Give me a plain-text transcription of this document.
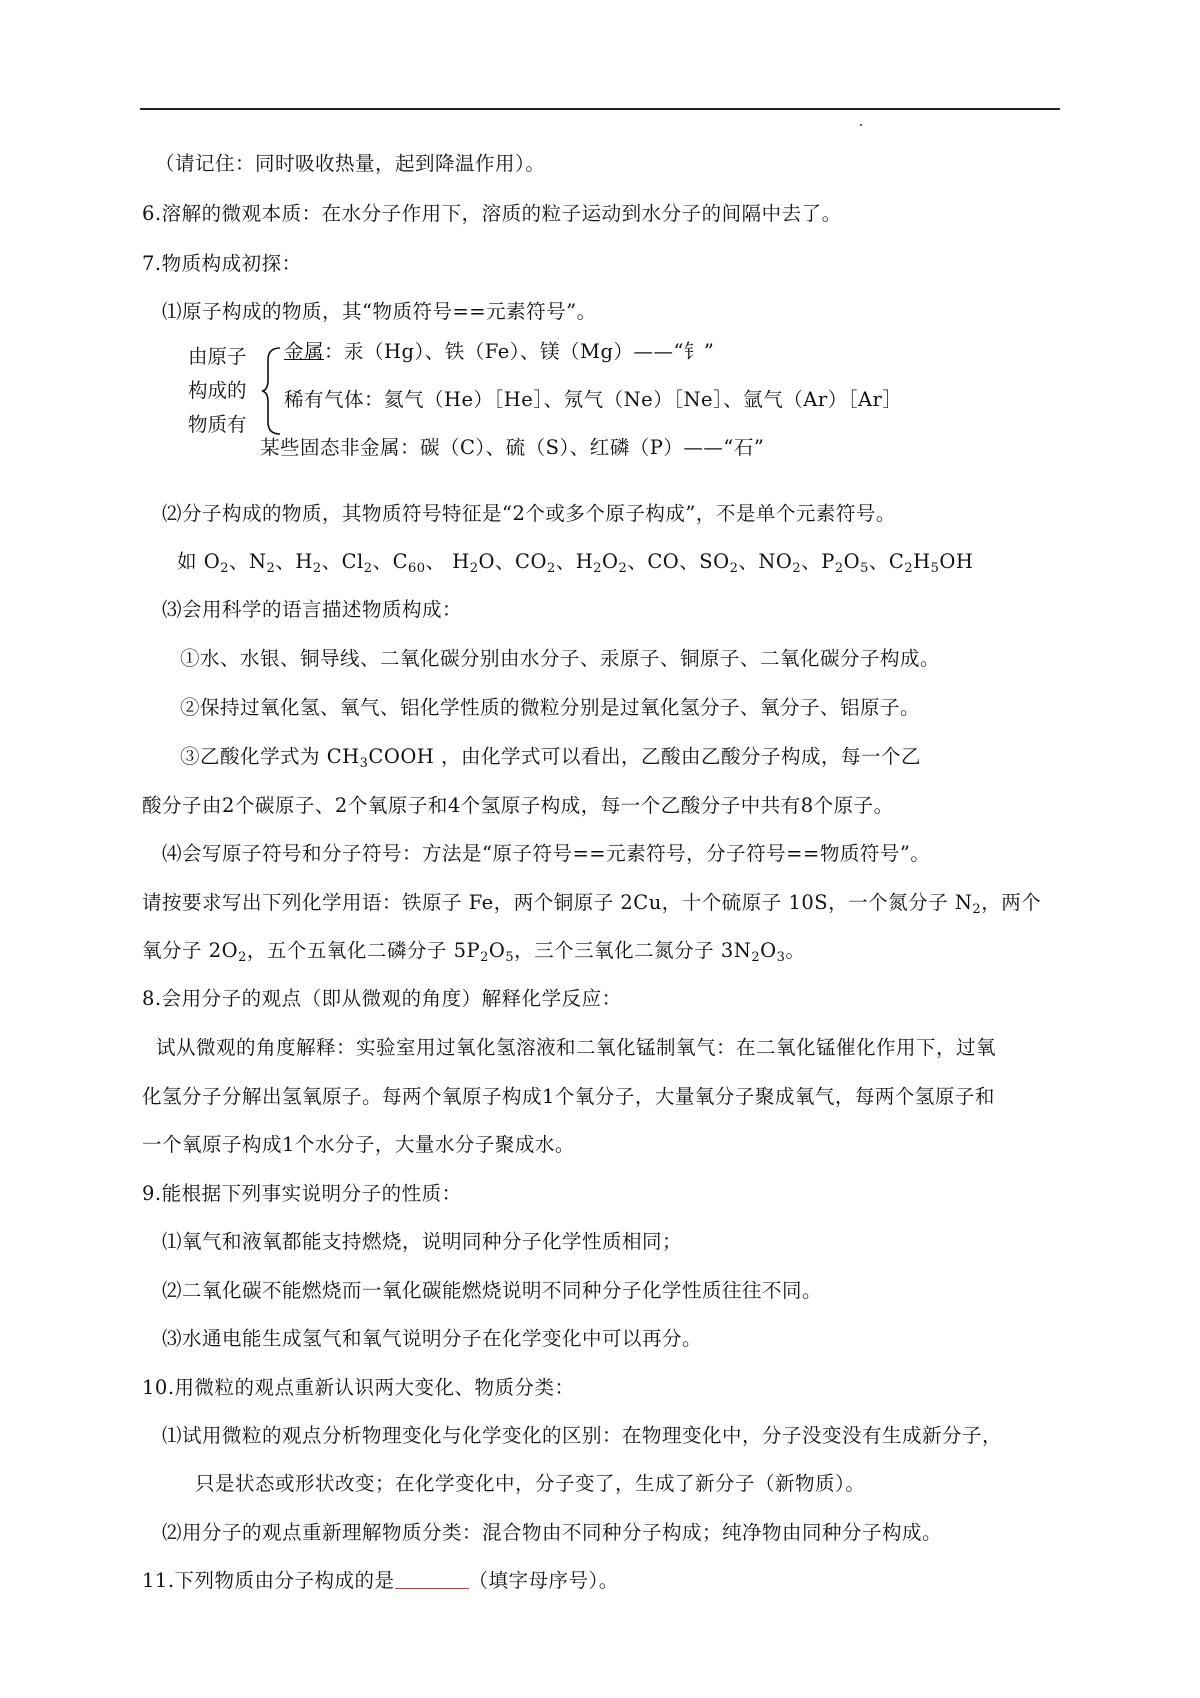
（请记住：同时吸收热量，起到降温作用）。
6.溶解的微观本质：在水分子作用下，溶质的粒子运动到水分子的间隔中去了。
7.物质构成初探：
⑴原子构成的物质，其“物质符号==元素符号”。
由原子
构成的
物质有
金属：汞（Hg）、铁（Fe）、镁（Mg）——“钅”
稀有气体：氦气（He）［He］、氖气（Ne）［Ne］、氩气（Ar）［Ar］
某些固态非金属：碳（C）、硫（S）、红磷（P）——“石”
⑵分子构成的物质，其物质符号特征是“2个或多个原子构成”，不是单个元素符号。
如 $O_2$、$N_2$、$H_2$、$Cl_2$、$C_{60}$、 $H_2O$、$CO_2$、$H_2O_2$、CO、$SO_2$、$NO_2$、$P_2O_5$、$C_2H_5OH$
⑶会用科学的语言描述物质构成：
①水、水银、铜导线、二氧化碳分别由水分子、汞原子、铜原子、二氧化碳分子构成。
②保持过氧化氢、氧气、铝化学性质的微粒分别是过氧化氢分子、氧分子、铝原子。
③乙酸化学式为 $CH_3COOH$ ，由化学式可以看出，乙酸由乙酸分子构成，每一个乙
酸分子由2个碳原子、2个氧原子和4个氢原子构成，每一个乙酸分子中共有8个原子。
⑷会写原子符号和分子符号：方法是“原子符号==元素符号，分子符号==物质符号”。
请按要求写出下列化学用语：铁原子 Fe，两个铜原子 2Cu，十个硫原子 10S，一个氮分子 $N_2$，两个
氧分子 $2O_2$，五个五氧化二磷分子 $5P_2O_5$，三个三氧化二氮分子 $3N_2O_3$。
8.会用分子的观点（即从微观的角度）解释化学反应：
试从微观的角度解释：实验室用过氧化氢溶液和二氧化锰制氧气：在二氧化锰催化作用下，过氧
化氢分子分解出氢氧原子。每两个氧原子构成1个氧分子，大量氧分子聚成氧气，每两个氢原子和
一个氧原子构成1个水分子，大量水分子聚成水。
9.能根据下列事实说明分子的性质：
⑴氧气和液氧都能支持燃烧，说明同种分子化学性质相同；
⑵二氧化碳不能燃烧而一氧化碳能燃烧说明不同种分子化学性质往往不同。
⑶水通电能生成氢气和氧气说明分子在化学变化中可以再分。
10.用微粒的观点重新认识两大变化、物质分类：
⑴试用微粒的观点分析物理变化与化学变化的区别：在物理变化中，分子没变没有生成新分子，
只是状态或形状改变；在化学变化中，分子变了，生成了新分子（新物质）。
⑵用分子的观点重新理解物质分类：混合物由不同种分子构成；纯净物由同种分子构成。
11.下列物质由分子构成的是	（填字母序号）。
